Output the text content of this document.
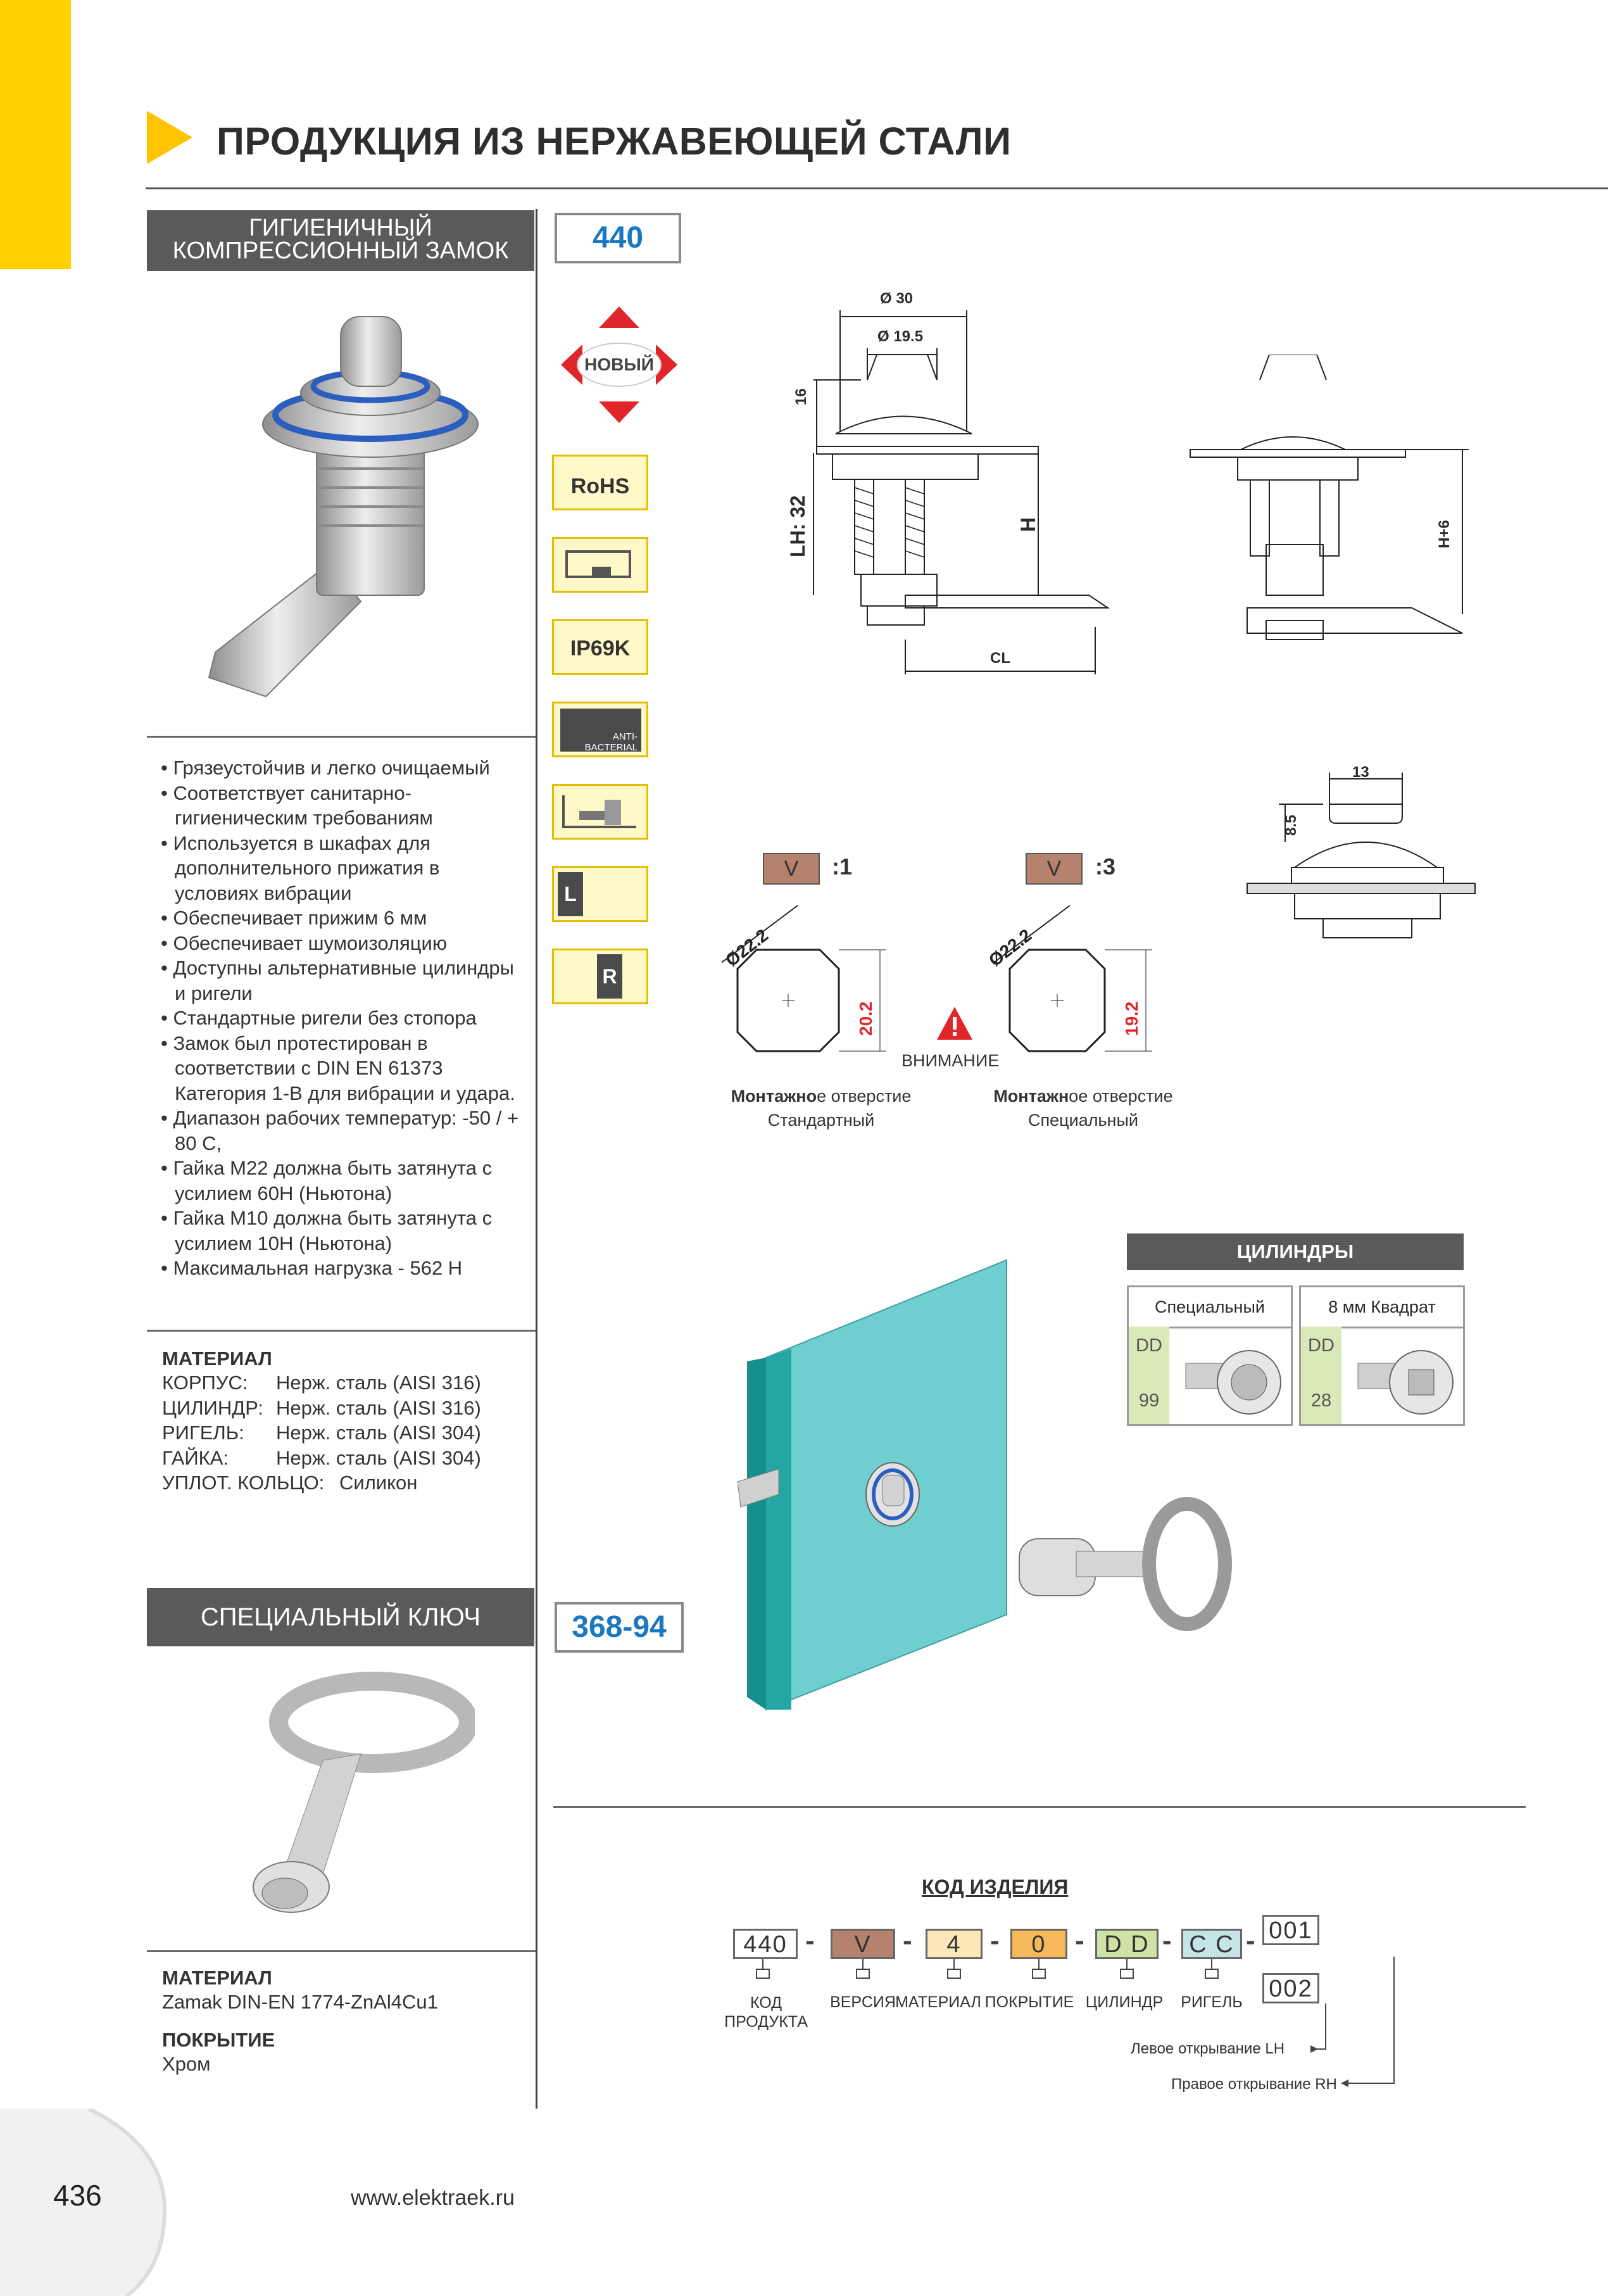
ПРОДУКЦИЯ ИЗ НЕРЖАВЕЮЩЕЙ СТАЛИ
ГИГИЕНИЧНЫЙ
КОМПРЕССИОННЫЙ ЗАМОК	440
НОВЫЙ
RoHS
IP69K
ANTI-BACTERIAL
L
R
• Грязеустойчив и легко очищаемый
• Соответствует санитарно-гигиеническим требованиям
• Используется в шкафах для дополнительного прижатия в условиях вибрации
• Обеспечивает прижим 6 мм
• Обеспечивает шумоизоляцию
• Доступны альтернативные цилиндры и ригели
• Стандартные ригели без стопора
• Замок был протестирован в соответствии с DIN EN 61373 Категория 1-B для вибрации и удара.
• Диапазон рабочих температур: -50 / + 80 C,
• Гайка M22 должна быть затянута с усилием 60Н (Ньютона)
• Гайка M10 должна быть затянута с усилием 10Н (Ньютона)
• Максимальная нагрузка - 562 Н
МАТЕРИАЛ
КОРПУС: Нерж. сталь (AISI 316)
ЦИЛИНДР: Нерж. сталь (AISI 316)
РИГЕЛЬ: Нерж. сталь (AISI 304)
ГАЙКА: Нерж. сталь (AISI 304)
УПЛОТ. КОЛЬЦО: Силикон
Ø 30
Ø 19.5
16
LH: 32	H
CL
H+6
13
8.5
V	:1	V	:3
Ø22.2
20.2
Ø22.2
19.2
ВНИМАНИЕ
Монтажное отверстие
Стандартный
Монтажное отверстие
Специальный
ЦИЛИНДРЫ
Специальный
DD
99
8 мм Квадрат
DD
28
СПЕЦИАЛЬНЫЙ КЛЮЧ	368-94
МАТЕРИАЛ
Zamak DIN-EN 1774-ZnAl4Cu1
ПОКРЫТИЕ
Хром
КОД ИЗДЕЛИЯ
440 -	V	-	4	-	0	- D D - C C - 001
002
КОД
ПРОДУКТА
ВЕРСИЯ МАТЕРИАЛ ПОКРЫТИЕ ЦИЛИНДР	РИГЕЛЬ
Левое открывание LH
Правое открывание RH
436	www.elektraek.ru
